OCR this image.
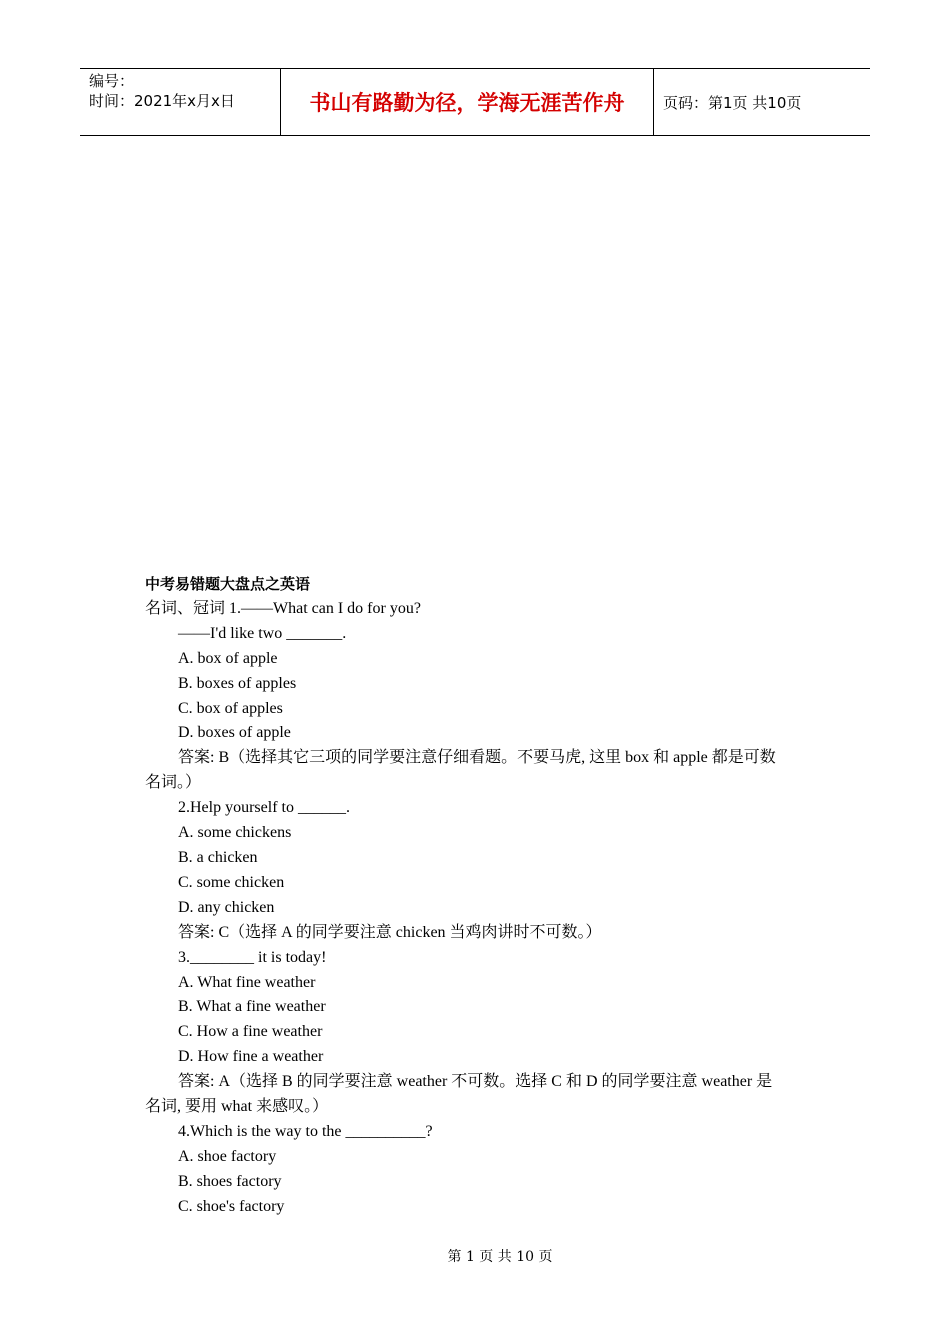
编号：
时间：2021年x月x日	书山有路勤为径，学海无涯苦作舟	页码：第1页 共10页
中考易错题大盘点之英语
名词、冠词 1.——What can I do for you?
——I'd like two _______.
A. box of apple
B. boxes of apples
C. box of apples
D. boxes of apple
答案: B（选择其它三项的同学要注意仔细看题。不要马虎, 这里 box 和 apple 都是可数
名词。）
2.Help yourself to ______.
A. some chickens
B. a chicken
C. some chicken
D. any chicken
答案: C（选择 A 的同学要注意 chicken 当鸡肉讲时不可数。）
3.________ it is today!
A. What fine weather
B. What a fine weather
C. How a fine weather
D. How fine a weather
答案: A（选择 B 的同学要注意 weather 不可数。选择 C 和 D 的同学要注意 weather 是
名词, 要用 what 来感叹。）
4.Which is the way to the __________?
A. shoe factory
B. shoes factory
C. shoe's factory
第 1 页 共 10 页
